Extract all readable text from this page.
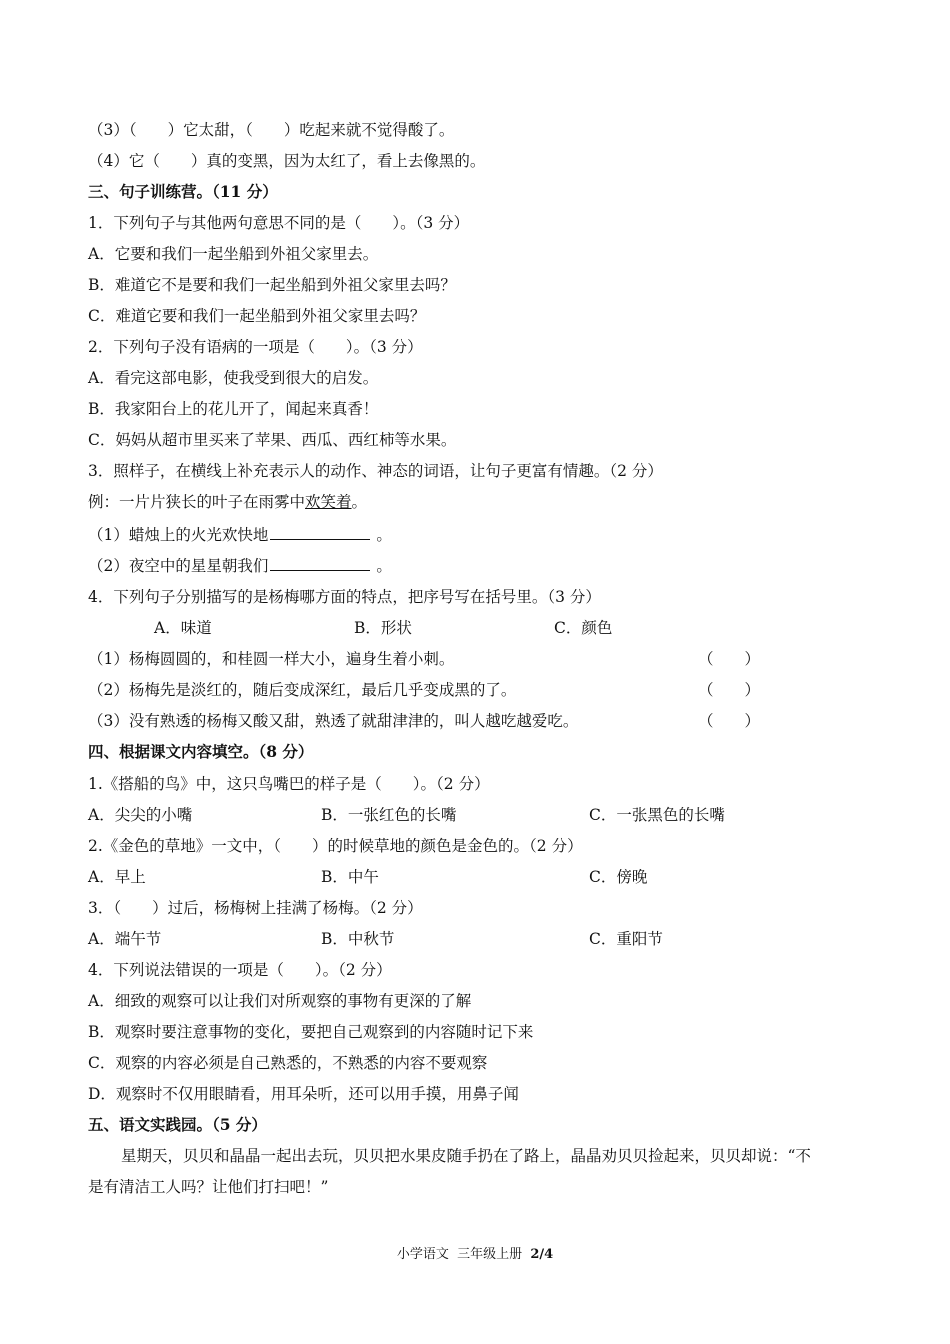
（3）（　　）它太甜，（　　）吃起来就不觉得酸了。
（4）它（　　）真的变黑，因为太红了，看上去像黑的。
三、句子训练营。（11 分）
1．下列句子与其他两句意思不同的是（　　）。（3 分）
A．它要和我们一起坐船到外祖父家里去。
B．难道它不是要和我们一起坐船到外祖父家里去吗？
C．难道它要和我们一起坐船到外祖父家里去吗？
2．下列句子没有语病的一项是（　　）。（3 分）
A．看完这部电影，使我受到很大的启发。
B．我家阳台上的花儿开了，闻起来真香！
C．妈妈从超市里买来了苹果、西瓜、西红柿等水果。
3．照样子，在横线上补充表示人的动作、神态的词语，让句子更富有情趣。（2 分）
例：一片片狭长的叶子在雨雾中欢笑着。
（1）蜡烛上的火光欢快地	。
（2）夜空中的星星朝我们	。
4．下列句子分别描写的是杨梅哪方面的特点，把序号写在括号里。（3 分）
A．味道	B．形状	C．颜色
（1）杨梅圆圆的，和桂圆一样大小，遍身生着小刺。	（　　）
（2）杨梅先是淡红的，随后变成深红，最后几乎变成黑的了。	（　　）
（3）没有熟透的杨梅又酸又甜，熟透了就甜津津的，叫人越吃越爱吃。	（　　）
四、根据课文内容填空。（8 分）
1.《搭船的鸟》中，这只鸟嘴巴的样子是（　　）。（2 分）
A．尖尖的小嘴	B．一张红色的长嘴	C．一张黑色的长嘴
2.《金色的草地》一文中，（　　）的时候草地的颜色是金色的。（2 分）
A．早上	B．中午	C．傍晚
3．（　　）过后，杨梅树上挂满了杨梅。（2 分）
A．端午节	B．中秋节	C．重阳节
4．下列说法错误的一项是（　　）。（2 分）
A．细致的观察可以让我们对所观察的事物有更深的了解
B．观察时要注意事物的变化，要把自己观察到的内容随时记下来
C．观察的内容必须是自己熟悉的，不熟悉的内容不要观察
D．观察时不仅用眼睛看，用耳朵听，还可以用手摸，用鼻子闻
五、语文实践园。（5 分）
星期天，贝贝和晶晶一起出去玩，贝贝把水果皮随手扔在了路上，晶晶劝贝贝捡起来，贝贝却说：“不
是有清洁工人吗？让他们打扫吧！”
小学语文  三年级上册  2/4
